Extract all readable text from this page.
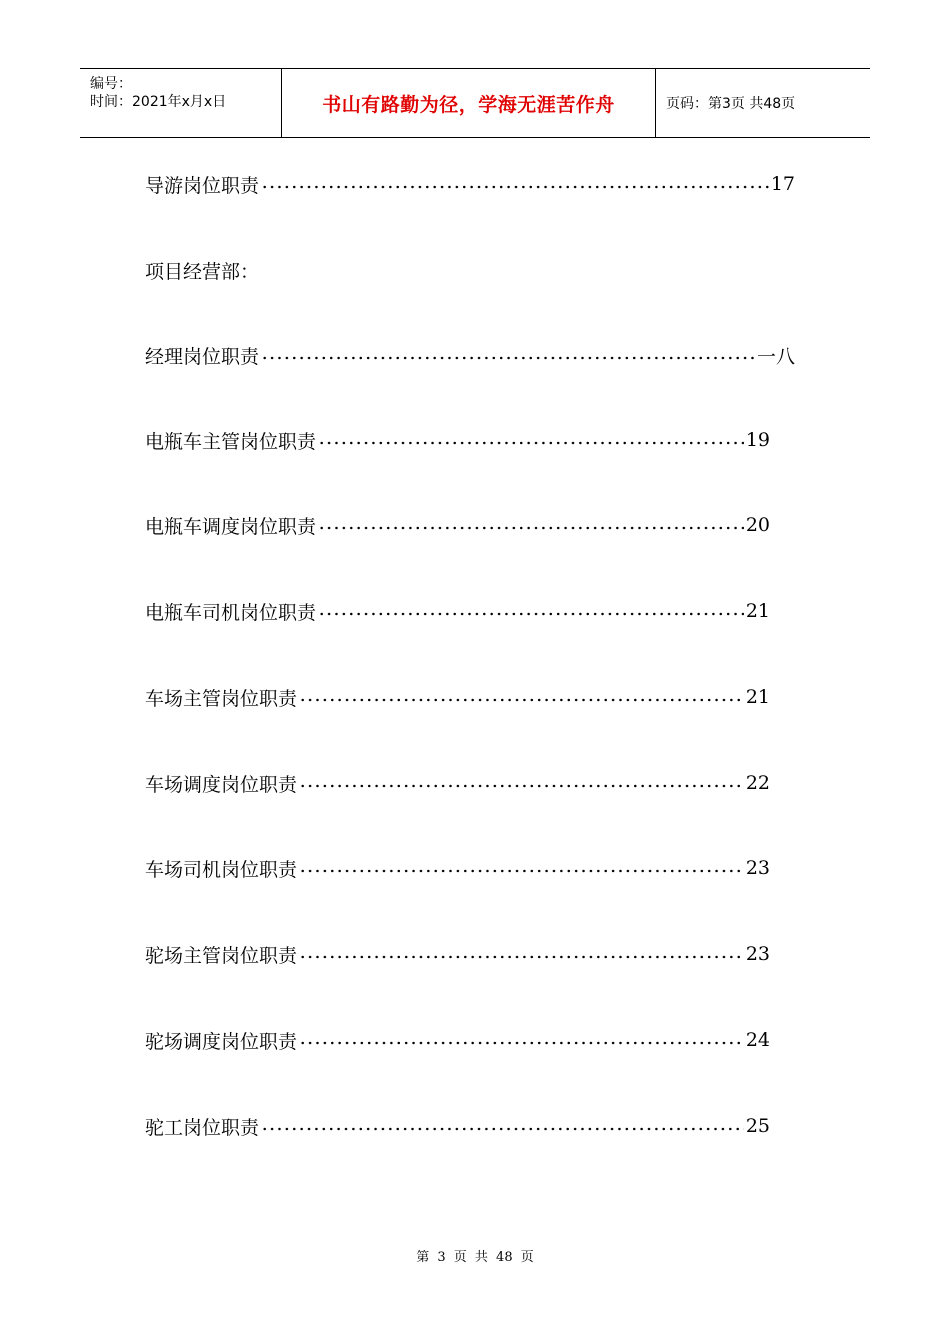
编号：
时间：2021年x月x日	书山有路勤为径，学海无涯苦作舟	页码：第3页 共48页
导游岗位职责	17
项目经营部：
经理岗位职责	一八
电瓶车主管岗位职责	19
电瓶车调度岗位职责	20
电瓶车司机岗位职责	21
车场主管岗位职责	21
车场调度岗位职责	22
车场司机岗位职责	23
驼场主管岗位职责	23
驼场调度岗位职责	24
驼工岗位职责	25
第 3 页 共 48 页
